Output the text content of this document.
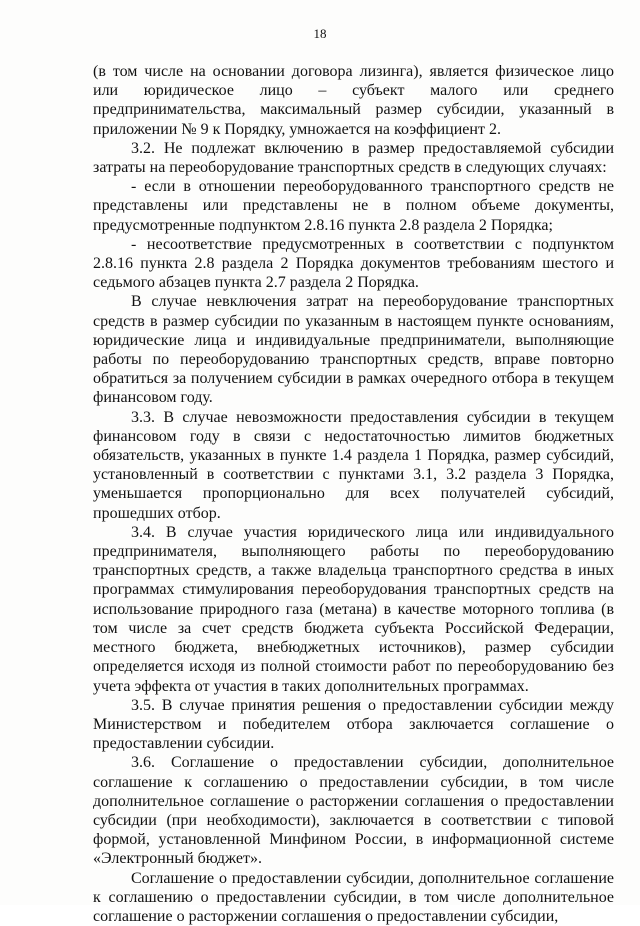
18

(в том числе на основании договора лизинга), является физическое лицо или юридическое лицо – субъект малого или среднего предпринимательства, максимальный размер субсидии, указанный в приложении № 9 к Порядку, умножается на коэффициент 2.

3.2. Не подлежат включению в размер предоставляемой субсидии затраты на переоборудование транспортных средств в следующих случаях:

- если в отношении переоборудованного транспортного средств не представлены или представлены не в полном объеме документы, предусмотренные подпунктом 2.8.16 пункта 2.8 раздела 2 Порядка;

- несоответствие предусмотренных в соответствии с подпунктом 2.8.16 пункта 2.8 раздела 2 Порядка документов требованиям шестого и седьмого абзацев пункта 2.7 раздела 2 Порядка.

В случае невключения затрат на переоборудование транспортных средств в размер субсидии по указанным в настоящем пункте основаниям, юридические лица и индивидуальные предприниматели, выполняющие работы по переоборудованию транспортных средств, вправе повторно обратиться за получением субсидии в рамках очередного отбора в текущем финансовом году.

3.3. В случае невозможности предоставления субсидии в текущем финансовом году в связи с недостаточностью лимитов бюджетных обязательств, указанных в пункте 1.4 раздела 1 Порядка, размер субсидий, установленный в соответствии с пунктами 3.1, 3.2 раздела 3 Порядка, уменьшается пропорционально для всех получателей субсидий, прошедших отбор.

3.4. В случае участия юридического лица или индивидуального предпринимателя, выполняющего работы по переоборудованию транспортных средств, а также владельца транспортного средства в иных программах стимулирования переоборудования транспортных средств на использование природного газа (метана) в качестве моторного топлива (в том числе за счет средств бюджета субъекта Российской Федерации, местного бюджета, внебюджетных источников), размер субсидии определяется исходя из полной стоимости работ по переоборудованию без учета эффекта от участия в таких дополнительных программах.

3.5. В случае принятия решения о предоставлении субсидии между Министерством и победителем отбора заключается соглашение о предоставлении субсидии.

3.6. Соглашение о предоставлении субсидии, дополнительное соглашение к соглашению о предоставлении субсидии, в том числе дополнительное соглашение о расторжении соглашения о предоставлении субсидии (при необходимости), заключается в соответствии с типовой формой, установленной Минфином России, в информационной системе «Электронный бюджет».

Соглашение о предоставлении субсидии, дополнительное соглашение к соглашению о предоставлении субсидии, в том числе дополнительное соглашение о расторжении соглашения о предоставлении субсидии,
